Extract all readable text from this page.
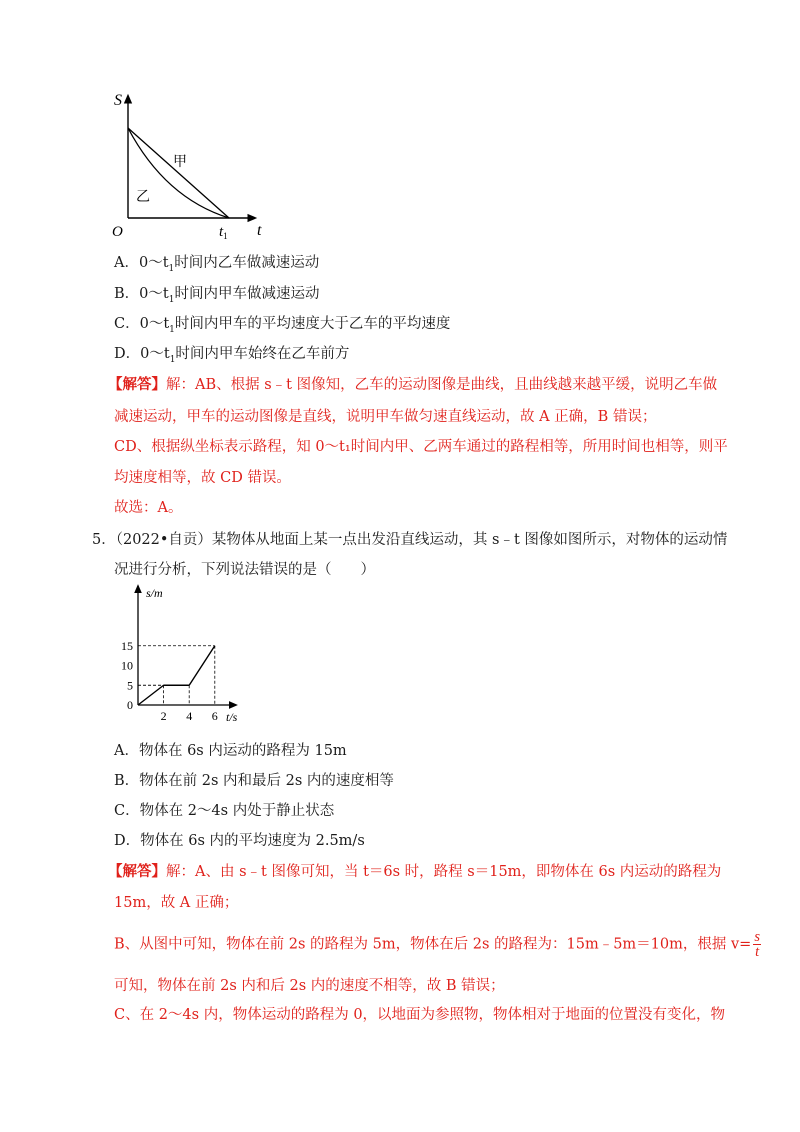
S
t
O	$t_1$
甲
乙
A．$0\sim t_1$时间内乙车做减速运动
B．$0\sim t_1$时间内甲车做减速运动
C．$0\sim t_1$时间内甲车的平均速度大于乙车的平均速度
D．$0\sim t_1$时间内甲车始终在乙车前方
【解答】解：AB、根据 s﹣t 图像知，乙车的运动图像是曲线，且曲线越来越平缓，说明乙车做
减速运动，甲车的运动图像是直线，说明甲车做匀速直线运动，故 A 正确，B 错误；
CD、根据纵坐标表示路程，知 0～t₁时间内甲、乙两车通过的路程相等，所用时间也相等，则平
均速度相等，故 CD 错误。
故选：A。
5．（2022•自贡）某物体从地面上某一点出发沿直线运动，其 s﹣t 图像如图所示，对物体的运动情
况进行分析，下列说法错误的是（　　）
0
5
10
15
2 4 6
s/m
t/s
A．物体在 6s 内运动的路程为 15m
B．物体在前 2s 内和最后 2s 内的速度相等
C．物体在 2～4s 内处于静止状态
D．物体在 6s 内的平均速度为 2.5m/s
【解答】解：A、由 s﹣t 图像可知，当 t＝6s 时，路程 s＝15m，即物体在 6s 内运动的路程为
15m，故 A 正确；
B、从图中可知，物体在前 2s 的路程为 5m，物体在后 2s 的路程为：15m﹣5m＝10m，根据 $v= \frac{s}{t}$
可知，物体在前 2s 内和后 2s 内的速度不相等，故 B 错误；
C、在 2～4s 内，物体运动的路程为 0，以地面为参照物，物体相对于地面的位置没有变化，物
